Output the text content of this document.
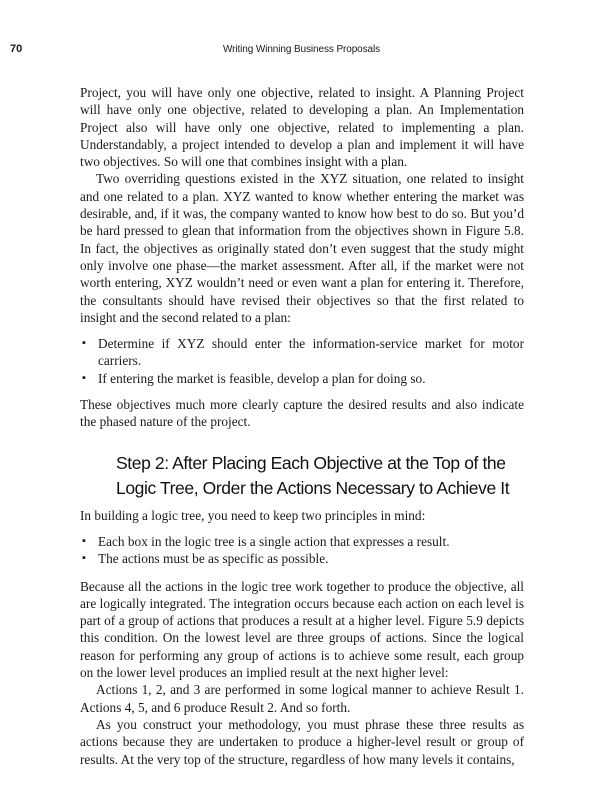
70	Writing Winning Business Proposals

Project, you will have only one objective, related to insight. A Planning Project will have only one objective, related to developing a plan. An Implementation Project also will have only one objective, related to implementing a plan. Understandably, a project intended to develop a plan and implement it will have two objectives. So will one that combines insight with a plan.

Two overriding questions existed in the XYZ situation, one related to insight and one related to a plan. XYZ wanted to know whether entering the market was desirable, and, if it was, the company wanted to know how best to do so. But you’d be hard pressed to glean that information from the objectives shown in Figure 5.8. In fact, the objectives as originally stated don’t even suggest that the study might only involve one phase—the market assessment. After all, if the market were not worth entering, XYZ wouldn’t need or even want a plan for entering it. Therefore, the consultants should have revised their objectives so that the first related to insight and the second related to a plan:

▪ Determine if XYZ should enter the information-service market for motor carriers.
▪ If entering the market is feasible, develop a plan for doing so.

These objectives much more clearly capture the desired results and also indicate the phased nature of the project.

Step 2: After Placing Each Objective at the Top of the Logic Tree, Order the Actions Necessary to Achieve It

In building a logic tree, you need to keep two principles in mind:

▪ Each box in the logic tree is a single action that expresses a result.
▪ The actions must be as specific as possible.

Because all the actions in the logic tree work together to produce the objective, all are logically integrated. The integration occurs because each action on each level is part of a group of actions that produces a result at a higher level. Figure 5.9 depicts this condition. On the lowest level are three groups of actions. Since the logical reason for performing any group of actions is to achieve some result, each group on the lower level produces an implied result at the next higher level:

Actions 1, 2, and 3 are performed in some logical manner to achieve Result 1. Actions 4, 5, and 6 produce Result 2. And so forth.

As you construct your methodology, you must phrase these three results as actions because they are undertaken to produce a higher-level result or group of results. At the very top of the structure, regardless of how many levels it contains,
